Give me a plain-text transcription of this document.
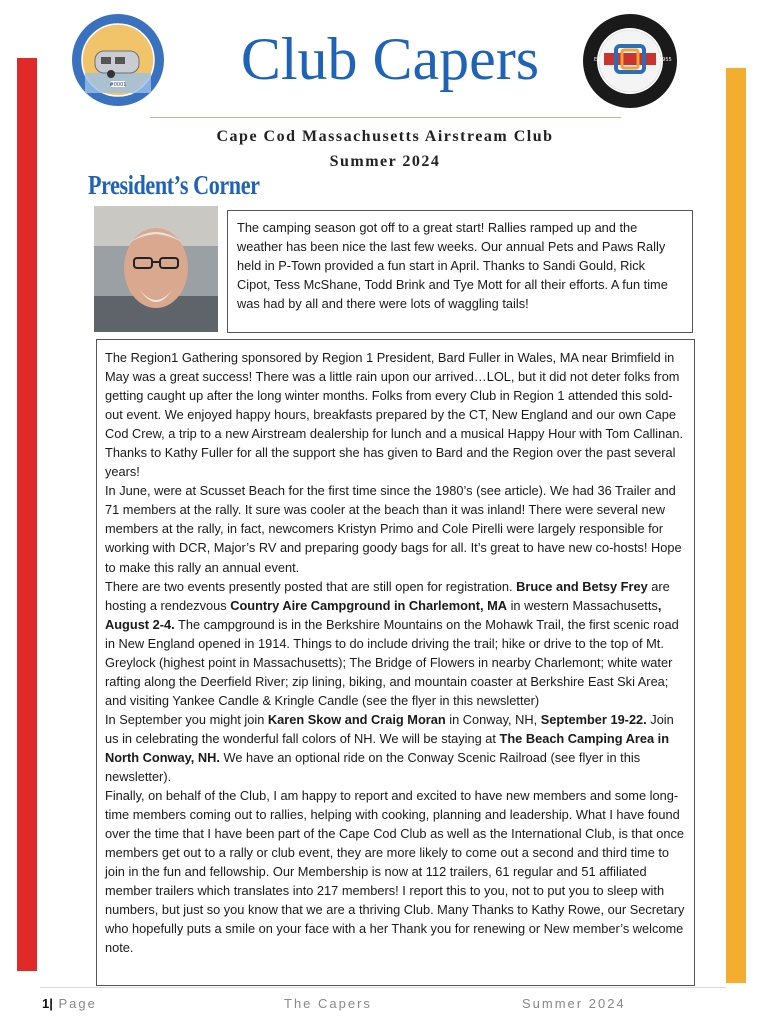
#0001	Club Capers	EST.	1955
Cape Cod Massachusetts Airstream Club
Summer 2024
President’s Corner
The camping season got off to a great start! Rallies ramped up and the weather has been nice the last few weeks. Our annual Pets and Paws Rally held in P-Town provided a fun start in April. Thanks to Sandi Gould, Rick Cipot, Tess McShane, Todd Brink and Tye Mott for all their efforts. A fun time was had by all and there were lots of waggling tails!
The Region1 Gathering sponsored by Region 1 President, Bard Fuller in Wales, MA near Brimfield in May was a great success! There was a little rain upon our arrived…LOL, but it did not deter folks from getting caught up after the long winter months. Folks from every Club in Region 1 attended this sold-out event. We enjoyed happy hours, breakfasts prepared by the CT, New England and our own Cape Cod Crew, a trip to a new Airstream dealership for lunch and a musical Happy Hour with Tom Callinan. Thanks to Kathy Fuller for all the support she has given to Bard and the Region over the past several years!
In June, were at Scusset Beach for the first time since the 1980’s (see article). We had 36 Trailer and 71 members at the rally. It sure was cooler at the beach than it was inland! There were several new members at the rally, in fact, newcomers Kristyn Primo and Cole Pirelli were largely responsible for working with DCR, Major’s RV and preparing goody bags for all. It’s great to have new co-hosts! Hope to make this rally an annual event.
There are two events presently posted that are still open for registration. Bruce and Betsy Frey are hosting a rendezvous Country Aire Campground in Charlemont, MA in western Massachusetts, August 2-4. The campground is in the Berkshire Mountains on the Mohawk Trail, the first scenic road in New England opened in 1914. Things to do include driving the trail; hike or drive to the top of Mt. Greylock (highest point in Massachusetts); The Bridge of Flowers in nearby Charlemont; white water rafting along the Deerfield River; zip lining, biking, and mountain coaster at Berkshire East Ski Area; and visiting Yankee Candle & Kringle Candle (see the flyer in this newsletter)
In September you might join Karen Skow and Craig Moran in Conway, NH, September 19-22. Join us in celebrating the wonderful fall colors of NH. We will be staying at The Beach Camping Area in North Conway, NH. We have an optional ride on the Conway Scenic Railroad (see flyer in this newsletter).
Finally, on behalf of the Club, I am happy to report and excited to have new members and some long-time members coming out to rallies, helping with cooking, planning and leadership. What I have found over the time that I have been part of the Cape Cod Club as well as the International Club, is that once members get out to a rally or club event, they are more likely to come out a second and third time to join in the fun and fellowship. Our Membership is now at 112 trailers, 61 regular and 51 affiliated member trailers which translates into 217 members! I report this to you, not to put you to sleep with numbers, but just so you know that we are a thriving Club. Many Thanks to Kathy Rowe, our Secretary who hopefully puts a smile on your face with a her Thank you for renewing or New member’s welcome note.
1| Page	The Capers	Summer 2024
